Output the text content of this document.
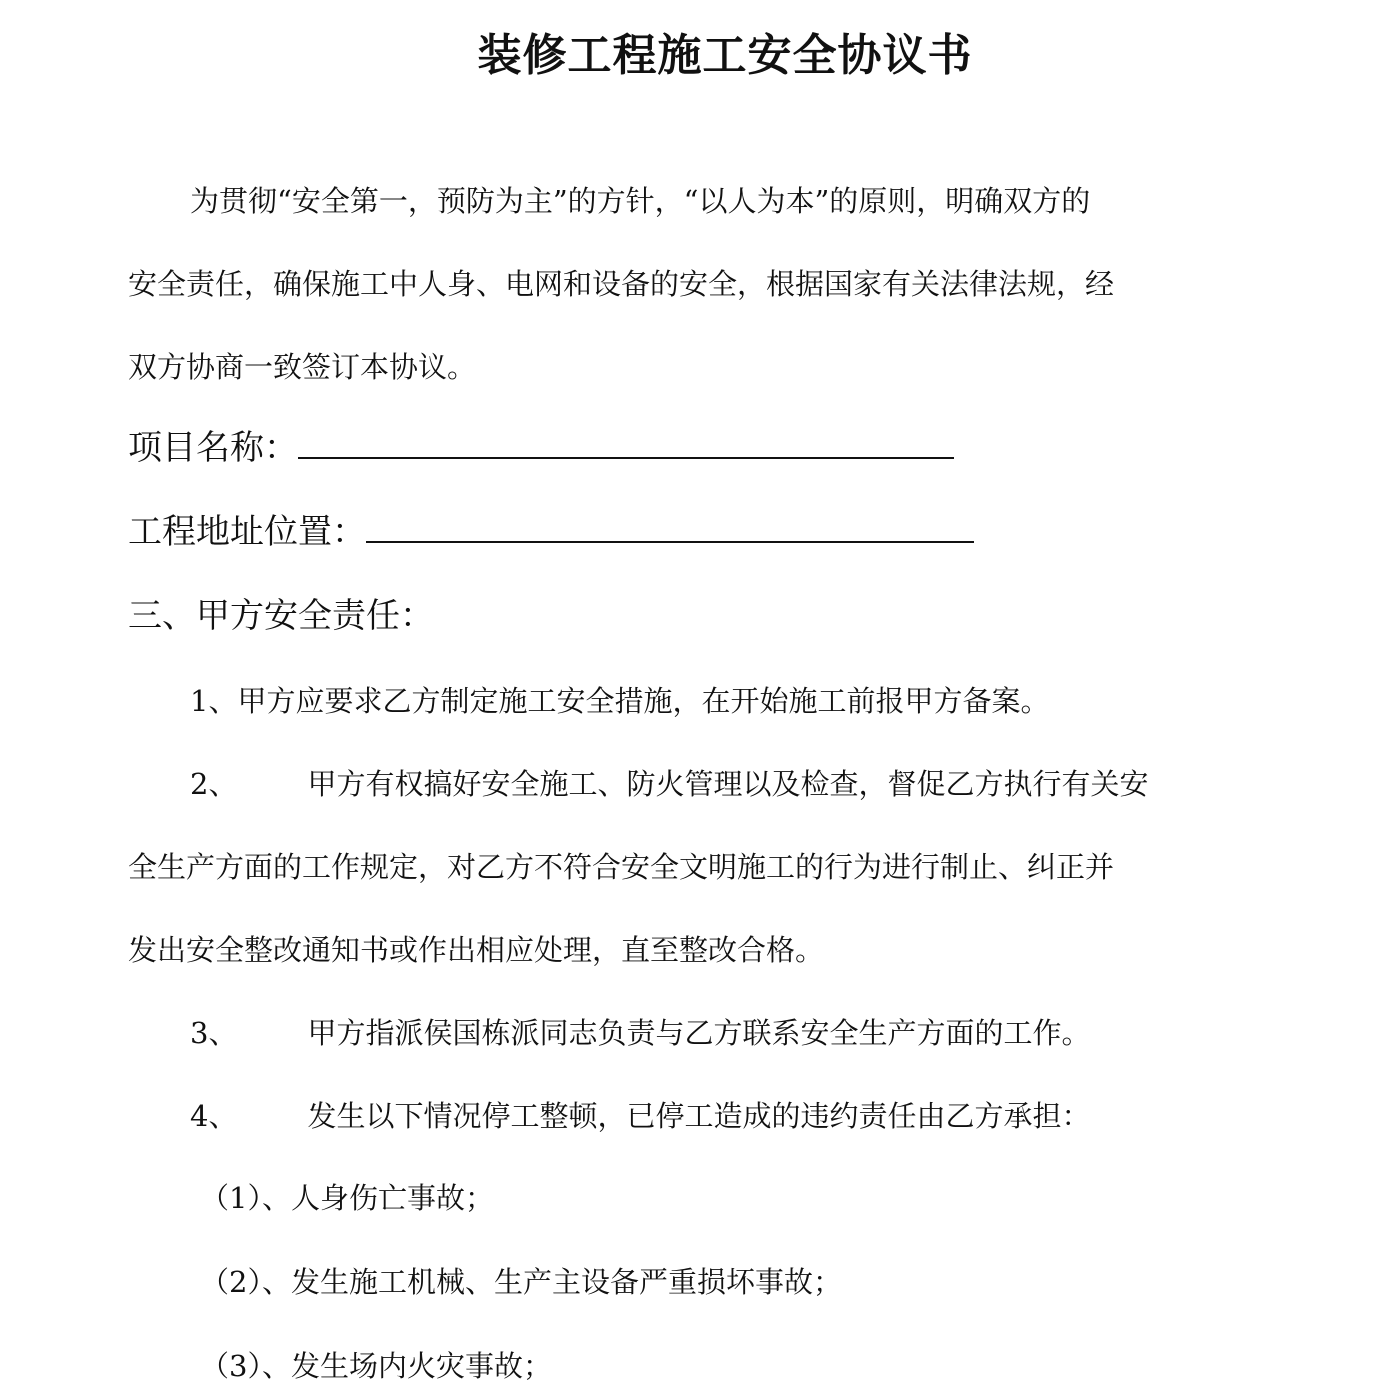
装修工程施工安全协议书
为贯彻“安全第一，预防为主”的方针，“以人为本”的原则，明确双方的
安全责任，确保施工中人身、电网和设备的安全，根据国家有关法律法规，经
双方协商一致签订本协议。
项目名称：
工程地址位置：
三、甲方安全责任：
1、甲方应要求乙方制定施工安全措施，在开始施工前报甲方备案。
2、 甲方有权搞好安全施工、防火管理以及检查，督促乙方执行有关安
全生产方面的工作规定，对乙方不符合安全文明施工的行为进行制止、纠正并
发出安全整改通知书或作出相应处理，直至整改合格。
3、 甲方指派侯国栋派同志负责与乙方联系安全生产方面的工作。
4、 发生以下情况停工整顿，已停工造成的违约责任由乙方承担：
（1）、人身伤亡事故；
（2）、发生施工机械、生产主设备严重损坏事故；
（3）、发生场内火灾事故；
